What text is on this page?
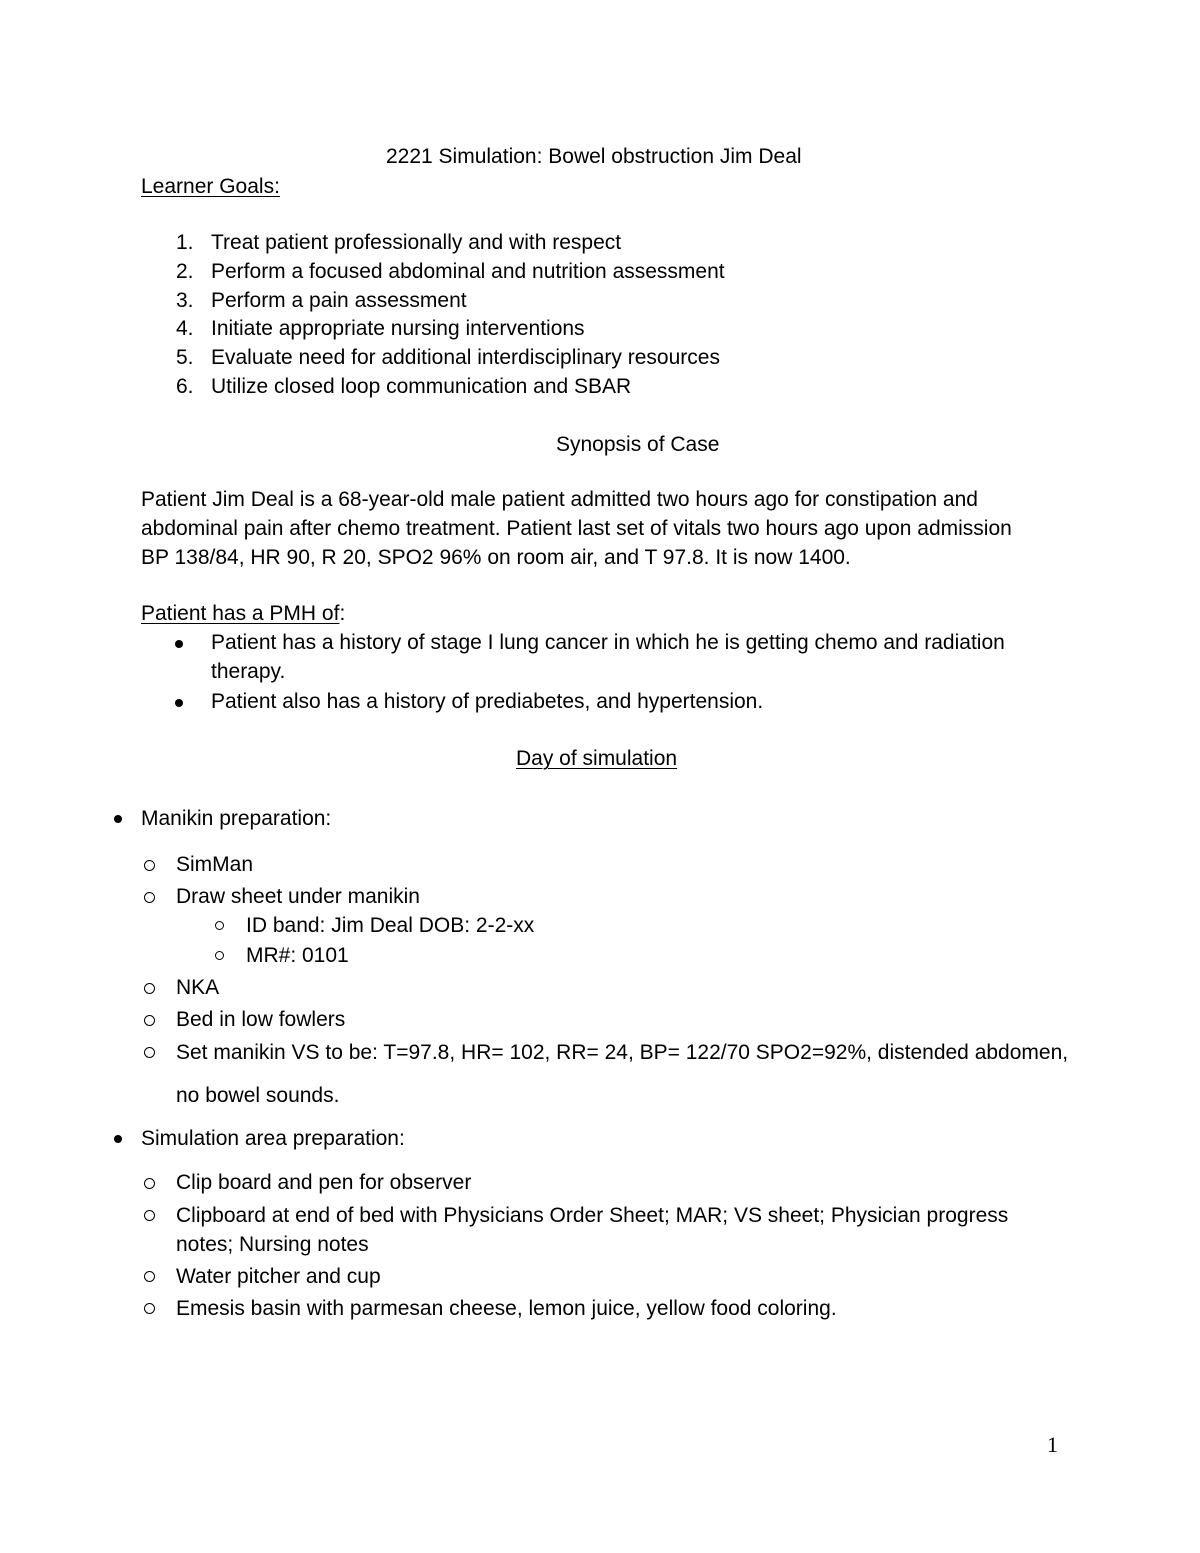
2221 Simulation: Bowel obstruction Jim Deal
Learner Goals:
1. Treat patient professionally and with respect
2. Perform a focused abdominal and nutrition assessment
3. Perform a pain assessment
4. Initiate appropriate nursing interventions
5. Evaluate need for additional interdisciplinary resources
6. Utilize closed loop communication and SBAR
Synopsis of Case
Patient Jim Deal is a 68-year-old male patient admitted two hours ago for constipation and
abdominal pain after chemo treatment. Patient last set of vitals two hours ago upon admission
BP 138/84, HR 90, R 20, SPO2 96% on room air, and T 97.8. It is now 1400.
Patient has a PMH of:
Patient has a history of stage I lung cancer in which he is getting chemo and radiation
therapy.
Patient also has a history of prediabetes, and hypertension.
Day of simulation
Manikin preparation:
SimMan
Draw sheet under manikin
ID band: Jim Deal DOB: 2-2-xx
MR#: 0101
NKA
Bed in low fowlers
Set manikin VS to be: T=97.8, HR= 102, RR= 24, BP= 122/70 SPO2=92%, distended abdomen,
no bowel sounds.
Simulation area preparation:
Clip board and pen for observer
Clipboard at end of bed with Physicians Order Sheet; MAR; VS sheet; Physician progress
notes; Nursing notes
Water pitcher and cup
Emesis basin with parmesan cheese, lemon juice, yellow food coloring.
1
